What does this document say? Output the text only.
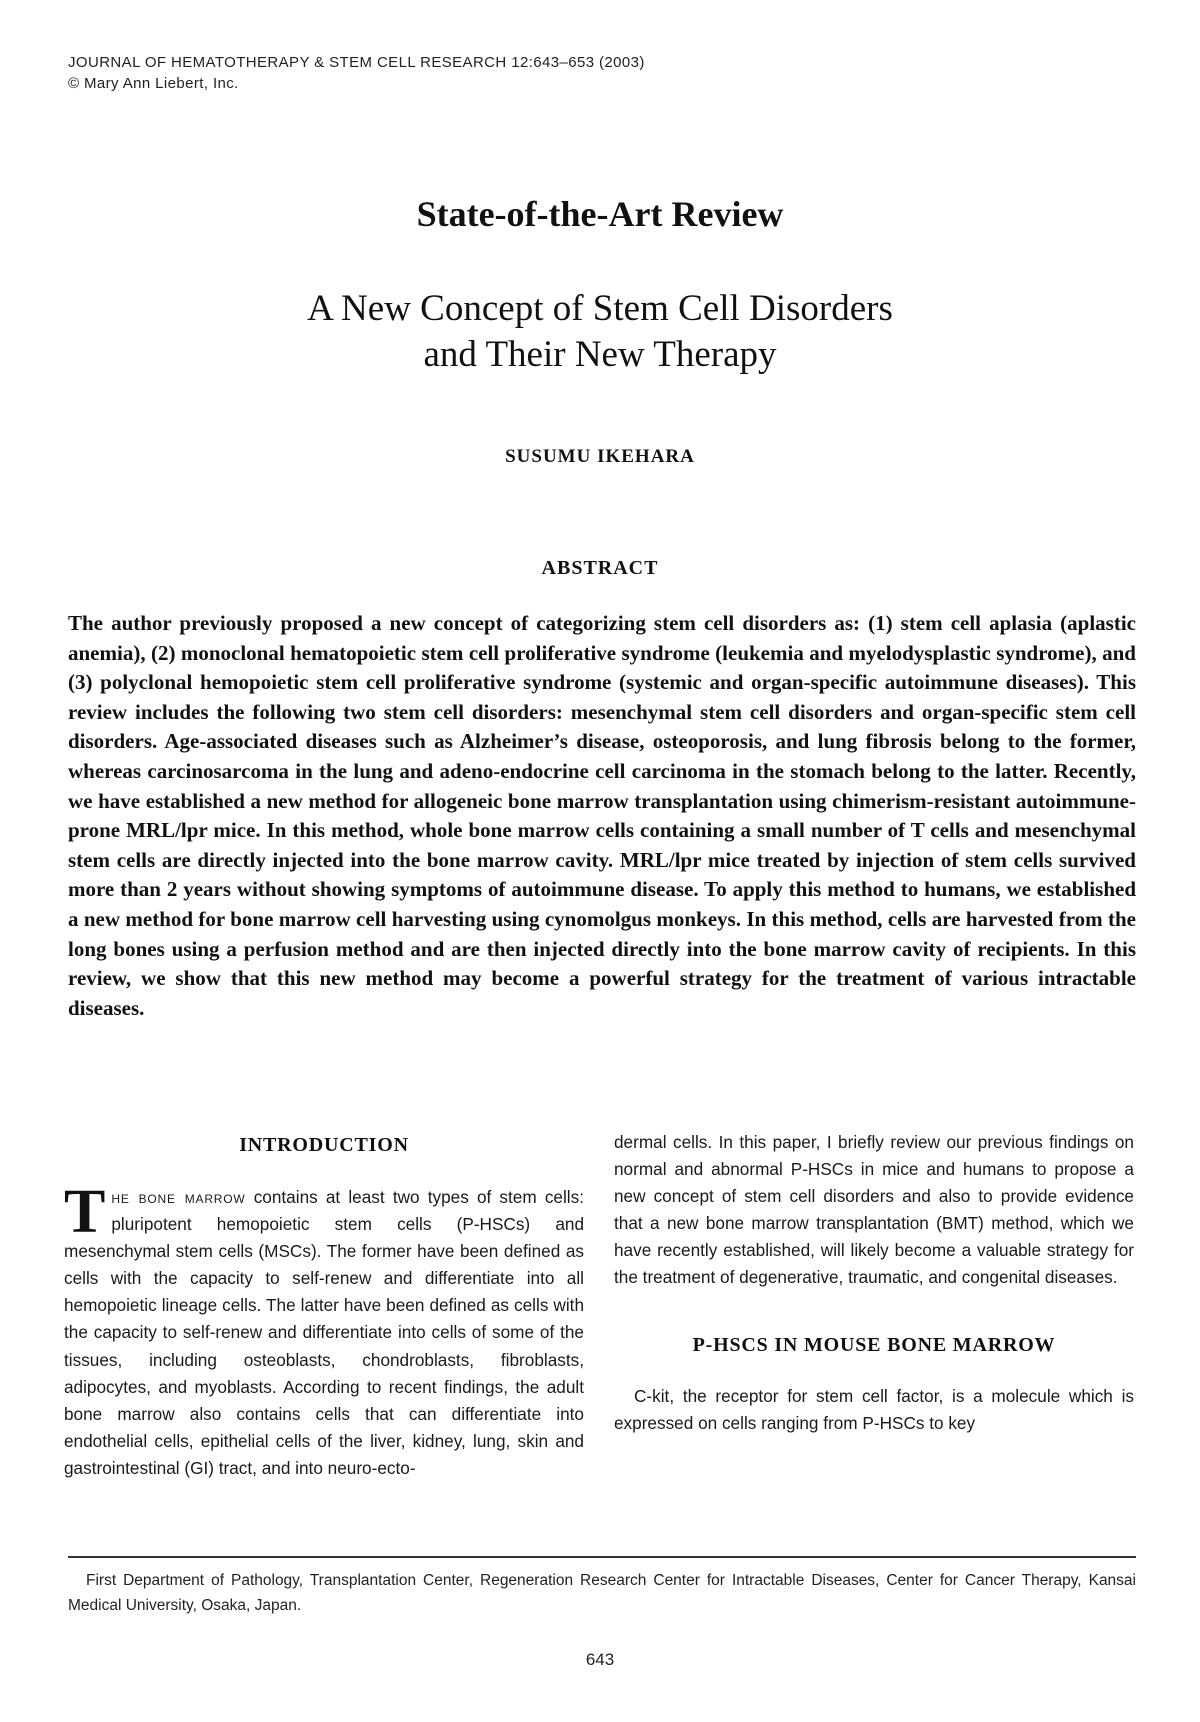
JOURNAL OF HEMATOTHERAPY & STEM CELL RESEARCH 12:643–653 (2003)
© Mary Ann Liebert, Inc.
State-of-the-Art Review
A New Concept of Stem Cell Disorders
and Their New Therapy
SUSUMU IKEHARA
ABSTRACT
The author previously proposed a new concept of categorizing stem cell disorders as: (1) stem cell aplasia (aplastic anemia), (2) monoclonal hematopoietic stem cell proliferative syndrome (leukemia and myelodysplastic syndrome), and (3) polyclonal hemopoietic stem cell proliferative syndrome (systemic and organ-specific autoimmune diseases). This review includes the following two stem cell disorders: mesenchymal stem cell disorders and organ-specific stem cell disorders. Age-associated diseases such as Alzheimer’s disease, osteoporosis, and lung fibrosis belong to the former, whereas carcinosarcoma in the lung and adeno-endocrine cell carcinoma in the stomach belong to the latter. Recently, we have established a new method for allogeneic bone marrow transplantation using chimerism-resistant autoimmune-prone MRL/lpr mice. In this method, whole bone marrow cells containing a small number of T cells and mesenchymal stem cells are directly injected into the bone marrow cavity. MRL/lpr mice treated by injection of stem cells survived more than 2 years without showing symptoms of autoimmune disease. To apply this method to humans, we established a new method for bone marrow cell harvesting using cynomolgus monkeys. In this method, cells are harvested from the long bones using a perfusion method and are then injected directly into the bone marrow cavity of recipients. In this review, we show that this new method may become a powerful strategy for the treatment of various intractable diseases.
INTRODUCTION
The bone marrow contains at least two types of stem cells: pluripotent hemopoietic stem cells (P-HSCs) and mesenchymal stem cells (MSCs). The former have been defined as cells with the capacity to self-renew and differentiate into all hemopoietic lineage cells. The latter have been defined as cells with the capacity to self-renew and differentiate into cells of some of the tissues, including osteoblasts, chondroblasts, fibroblasts, adipocytes, and myoblasts. According to recent findings, the adult bone marrow also contains cells that can differentiate into endothelial cells, epithelial cells of the liver, kidney, lung, skin and gastrointestinal (GI) tract, and into neuro-ecto-
dermal cells. In this paper, I briefly review our previous findings on normal and abnormal P-HSCs in mice and humans to propose a new concept of stem cell disorders and also to provide evidence that a new bone marrow transplantation (BMT) method, which we have recently established, will likely become a valuable strategy for the treatment of degenerative, traumatic, and congenital diseases.
P-HSCS IN MOUSE BONE MARROW
C-kit, the receptor for stem cell factor, is a molecule which is expressed on cells ranging from P-HSCs to key
First Department of Pathology, Transplantation Center, Regeneration Research Center for Intractable Diseases, Center for Cancer Therapy, Kansai Medical University, Osaka, Japan.
643
